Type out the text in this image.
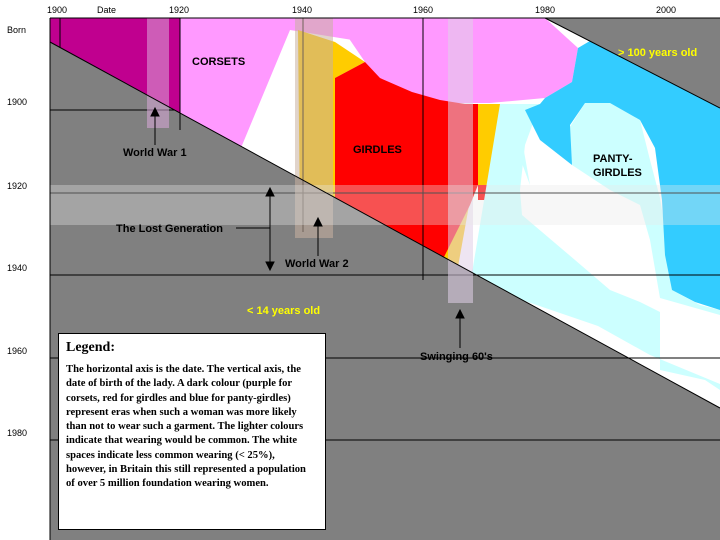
Date
1900	1920	1940	1960	1980	2000
Born
1900
1920
1940
1960
1980
CORSETS
GIRDLES
PANTY-
GIRDLES
> 100 years old
< 14 years old
World War 1
The Lost Generation
World War 2
Swinging 60's
Legend:
The horizontal axis is the date. The vertical axis, the date of birth of the lady. A dark colour (purple for corsets, red for girdles and blue for panty-girdles) represent eras when such a woman was more likely than not to wear such a garment. The lighter colours indicate that wearing would be common. The white spaces indicate less common wearing (< 25%), however, in Britain this still represented a population of over 5 million foundation wearing women.
